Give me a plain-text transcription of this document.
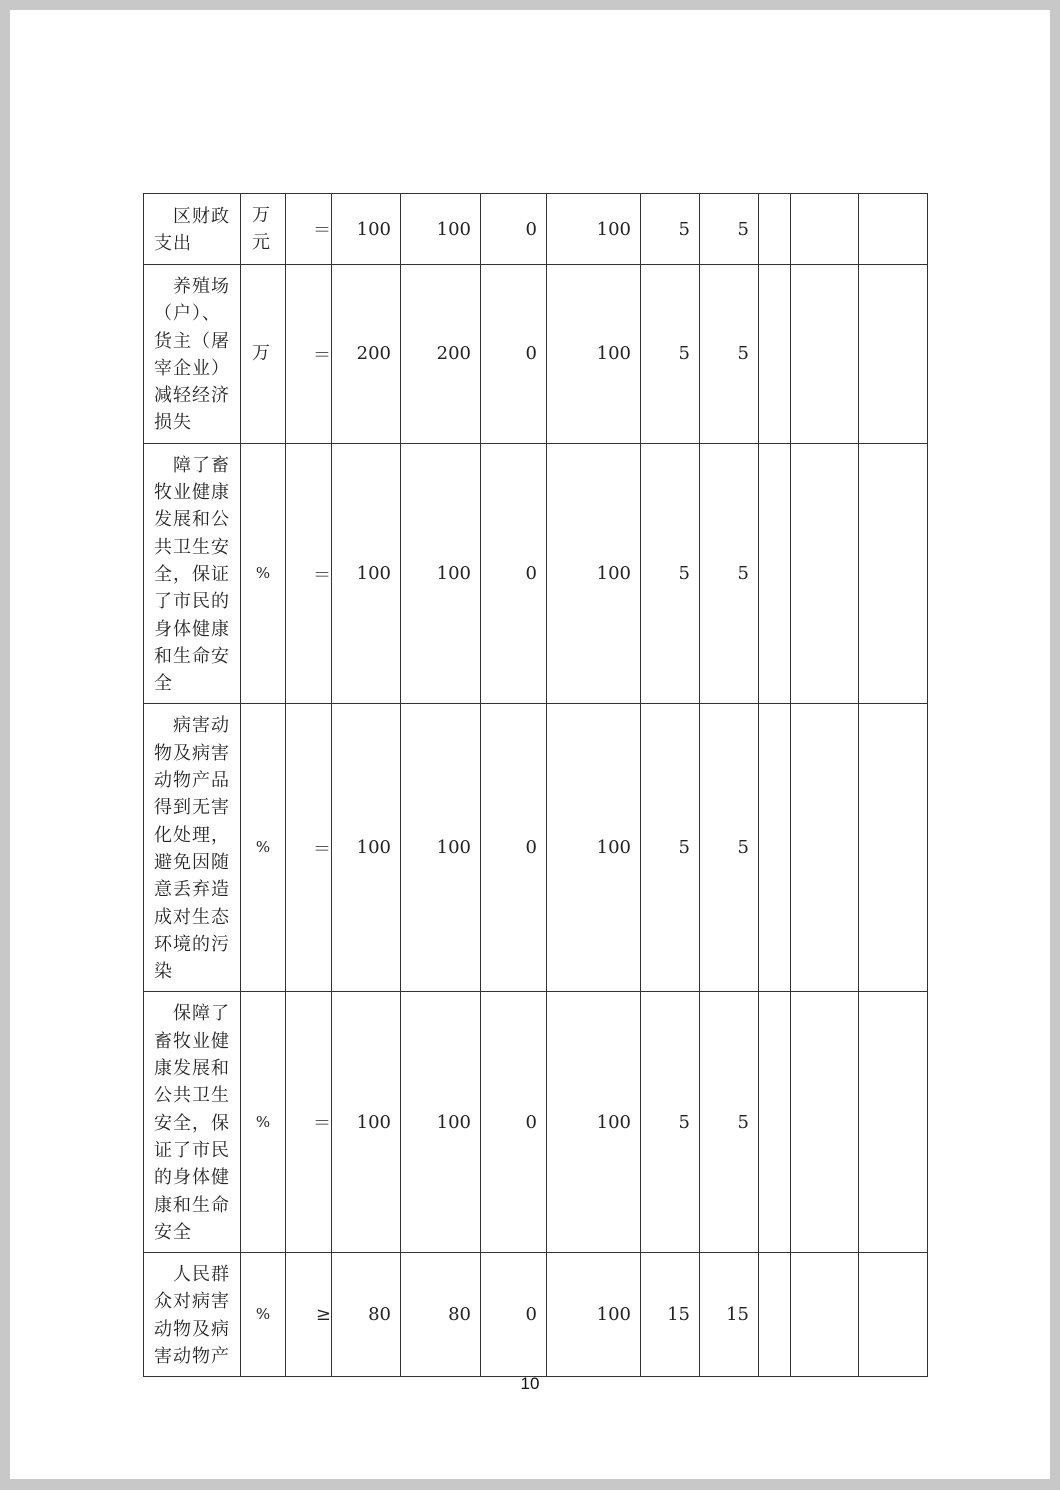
区财政支出	万元	＝	100	100	0	100	5	5			
养殖场（户）、货主（屠宰企业）减轻经济损失	万	＝	200	200	0	100	5	5			
障了畜牧业健康发展和公共卫生安全，保证了市民的身体健康和生命安全	%	＝	100	100	0	100	5	5			
病害动物及病害动物产品得到无害化处理，避免因随意丢弃造成对生态环境的污染	%	＝	100	100	0	100	5	5			
保障了畜牧业健康发展和公共卫生安全，保证了市民的身体健康和生命安全	%	＝	100	100	0	100	5	5			
人民群众对病害动物及病害动物产	%	≥	80	80	0	100	15	15			
10
